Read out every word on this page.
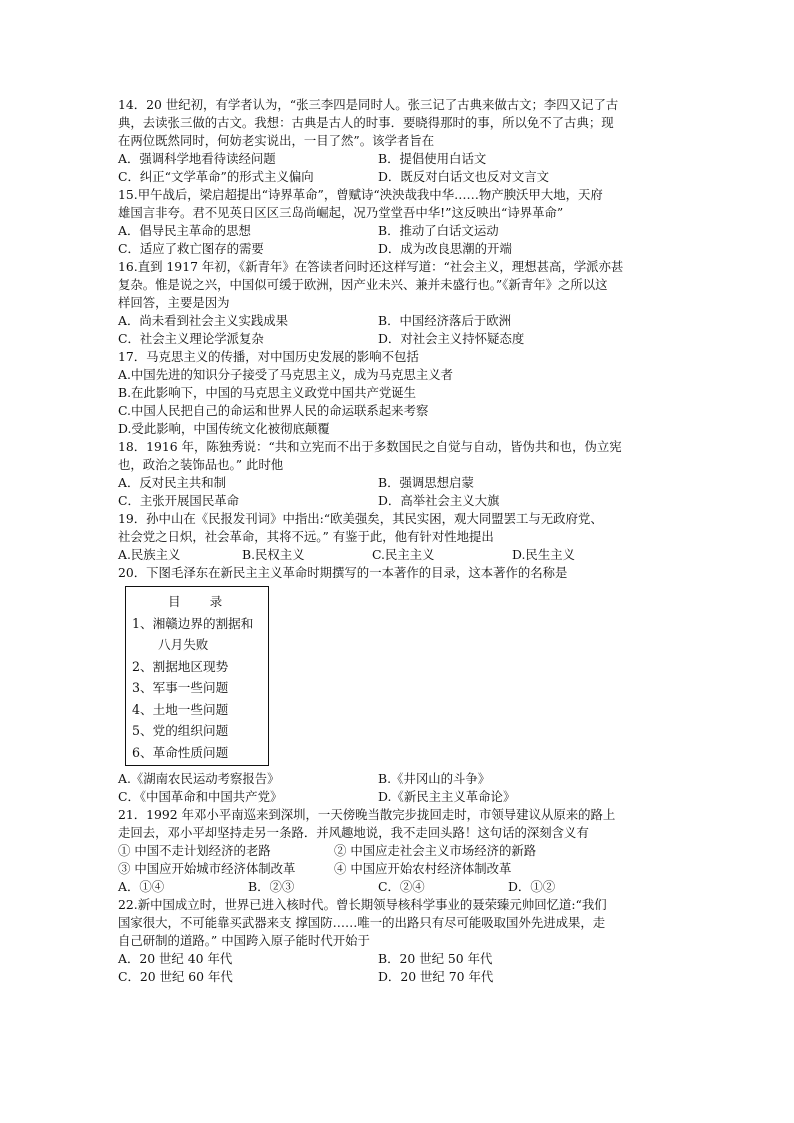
14．20 世纪初，有学者认为，“张三李四是同时人。张三记了古典来做古文；李四又记了古

典，去读张三做的古文。我想：古典是古人的时事．要晓得那时的事，所以免不了古典；现

在两位既然同时，何妨老实说出，一目了然”。该学者旨在

A．强调科学地看待读经问题	B．提倡使用白话文
C．纠正“文学革命”的形式主义偏向	D．既反对白话文也反对文言文

15.甲午战后，梁启超提出“诗界革命”，曾赋诗“泱泱哉我中华……物产腴沃甲大地，天府

雄国言非夸。君不见英日区区三岛尚崛起，况乃堂堂吾中华!”这反映出“诗界革命”

A．倡导民主革命的思想	B．推动了白话文运动
C．适应了救亡图存的需要	D．成为改良思潮的开端

16.直到 1917 年初，《新青年》在答读者问时还这样写道：“社会主义，理想甚高，学派亦甚

复杂。惟是说之兴，中国似可缓于欧洲，因产业未兴、兼并未盛行也。”《新青年》之所以这

样回答，主要是因为

A．尚未看到社会主义实践成果	B．中国经济落后于欧洲
C．社会主义理论学派复杂	D．对社会主义持怀疑态度

17．马克思主义的传播，对中国历史发展的影响不包括

A.中国先进的知识分子接受了马克思主义，成为马克思主义者

B.在此影响下，中国的马克思主义政党中国共产党诞生

C.中国人民把自己的命运和世界人民的命运联系起来考察

D.受此影响，中国传统文化被彻底颠覆

18．1916 年，陈独秀说：“共和立宪而不出于多数国民之自觉与自动，皆伪共和也，伪立宪

也，政治之装饰品也。” 此时他

A．反对民主共和制	B．强调思想启蒙
C．主张开展国民革命	D．高举社会主义大旗

19．孙中山在《民报发刊词》中指出:“欧美强矣，其民实困，观大同盟罢工与无政府党、

社会党之日炽，社会革命，其将不远。” 有鉴于此，他有针对性地提出

A.民族主义	B.民权主义	C.民主主义	D.民生主义

20．下图毛泽东在新民主主义革命时期撰写的一本著作的目录，这本著作的名称是

目 录
1、湘赣边界的割据和
八月失败
2、割据地区现势
3、军事一些问题
4、土地一些问题
5、党的组织问题
6、革命性质问题
A.《湖南农民运动考察报告》	B.《井冈山的斗争》
C．《中国革命和中国共产党》	D.《新民主主义革命论》

21．1992 年邓小平南巡来到深圳，一天傍晚当散完步拢回走时，市领导建议从原来的路上

走回去，邓小平却坚持走另一条路．并风趣地说，我不走回头路！这句话的深刻含义有

① 中国不走计划经济的老路	② 中国应走社会主义市场经济的新路
③ 中国应开始城市经济体制改革	④ 中国应开始农村经济体制改革
A．①④	B．②③	C．②④	D．①②

22.新中国成立时，世界已进入核时代。曾长期领导核科学事业的聂荣臻元帅回忆道:“我们

国家很大，不可能靠买武器来支 撑国防……唯一的出路只有尽可能吸取国外先进成果，走

自己研制的道路。” 中国跨入原子能时代开始于

A．20 世纪 40 年代	B．20 世纪 50 年代
C．20 世纪 60 年代	D．20 世纪 70 年代
